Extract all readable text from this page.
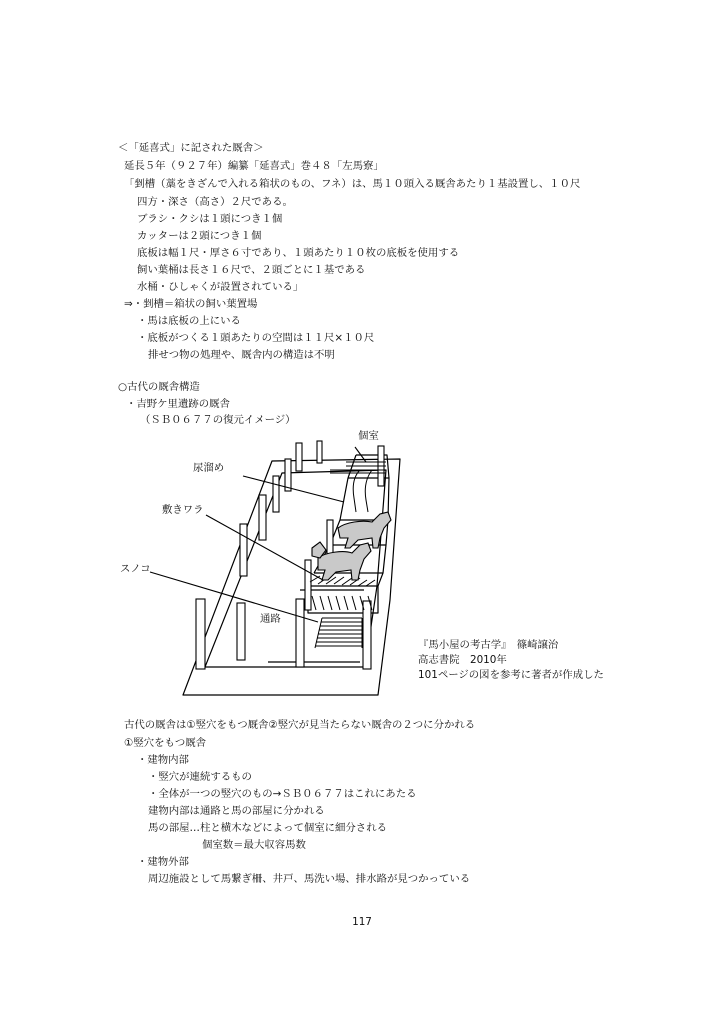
＜「延喜式」に記された厩舎＞
延長５年（９２７年）編纂「延喜式」巻４８「左馬寮」
「剉槽（藁をきざんで入れる箱状のもの、フネ）は、馬１０頭入る厩舎あたり１基設置し、１０尺
四方・深さ（高さ）２尺である。
ブラシ・クシは１頭につき１個
カッターは２頭につき１個
底板は幅１尺・厚さ６寸であり、１頭あたり１０枚の底板を使用する
飼い葉桶は長さ１６尺で、２頭ごとに１基である
水桶・ひしゃくが設置されている」
⇒・剉槽＝箱状の飼い葉置場
・馬は底板の上にいる
・底板がつくる１頭あたりの空間は１１尺×１０尺
排せつ物の処理や、厩舎内の構造は不明
○古代の厩舎構造
・吉野ケ里遺跡の厩舎
（ＳＢ０６７７の復元イメージ）
個室
尿溜め
敷きワラ
スノコ
通路
『馬小屋の考古学』　篠崎譲治
高志書院　2010年
101ページの図を参考に著者が作成した
古代の厩舎は①竪穴をもつ厩舎②竪穴が見当たらない厩舎の２つに分かれる
①竪穴をもつ厩舎
・建物内部
・竪穴が連続するもの
・全体が一つの竪穴のもの→ＳＢ０６７７はこれにあたる
建物内部は通路と馬の部屋に分かれる
馬の部屋…柱と横木などによって個室に細分される
個室数＝最大収容馬数
・建物外部
周辺施設として馬繋ぎ柵、井戸、馬洗い場、排水路が見つかっている
117
